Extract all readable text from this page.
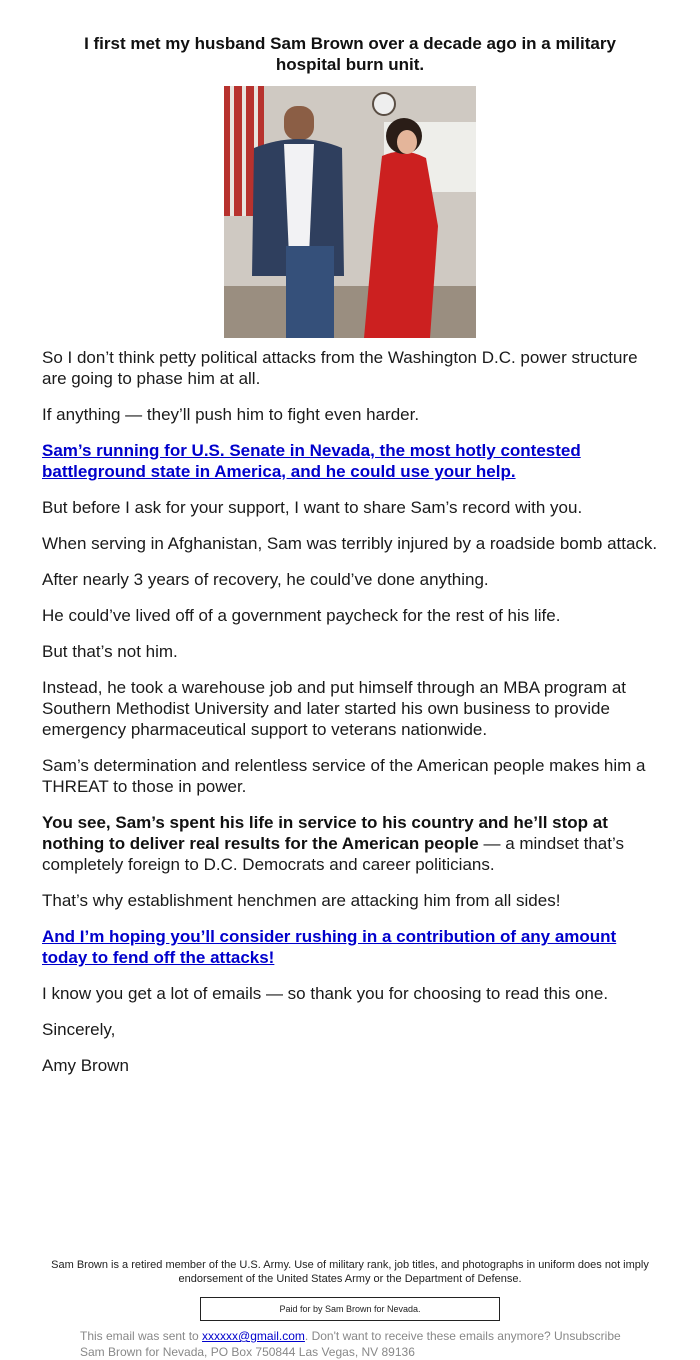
I first met my husband Sam Brown over a decade ago in a military hospital burn unit.

So I don’t think petty political attacks from the Washington D.C. power structure are going to phase him at all.

If anything — they’ll push him to fight even harder.

Sam’s running for U.S. Senate in Nevada, the most hotly contested battleground state in America, and he could use your help.

But before I ask for your support, I want to share Sam’s record with you.

When serving in Afghanistan, Sam was terribly injured by a roadside bomb attack.

After nearly 3 years of recovery, he could’ve done anything.

He could’ve lived off of a government paycheck for the rest of his life.

But that’s not him.

Instead, he took a warehouse job and put himself through an MBA program at Southern Methodist University and later started his own business to provide emergency pharmaceutical support to veterans nationwide.

Sam’s determination and relentless service of the American people makes him a THREAT to those in power.

You see, Sam’s spent his life in service to his country and he’ll stop at nothing to deliver real results for the American people — a mindset that’s completely foreign to D.C. Democrats and career politicians.

That’s why establishment henchmen are attacking him from all sides!

And I’m hoping you’ll consider rushing in a contribution of any amount today to fend off the attacks!

I know you get a lot of emails — so thank you for choosing to read this one.

Sincerely,

Amy Brown

Sam Brown is a retired member of the U.S. Army. Use of military rank, job titles, and photographs in uniform does not imply endorsement of the United States Army or the Department of Defense.
Paid for by Sam Brown for Nevada.
This email was sent to xxxxxx@gmail.com. Don't want to receive these emails anymore? Unsubscribe
Sam Brown for Nevada, PO Box 750844 Las Vegas, NV 89136
